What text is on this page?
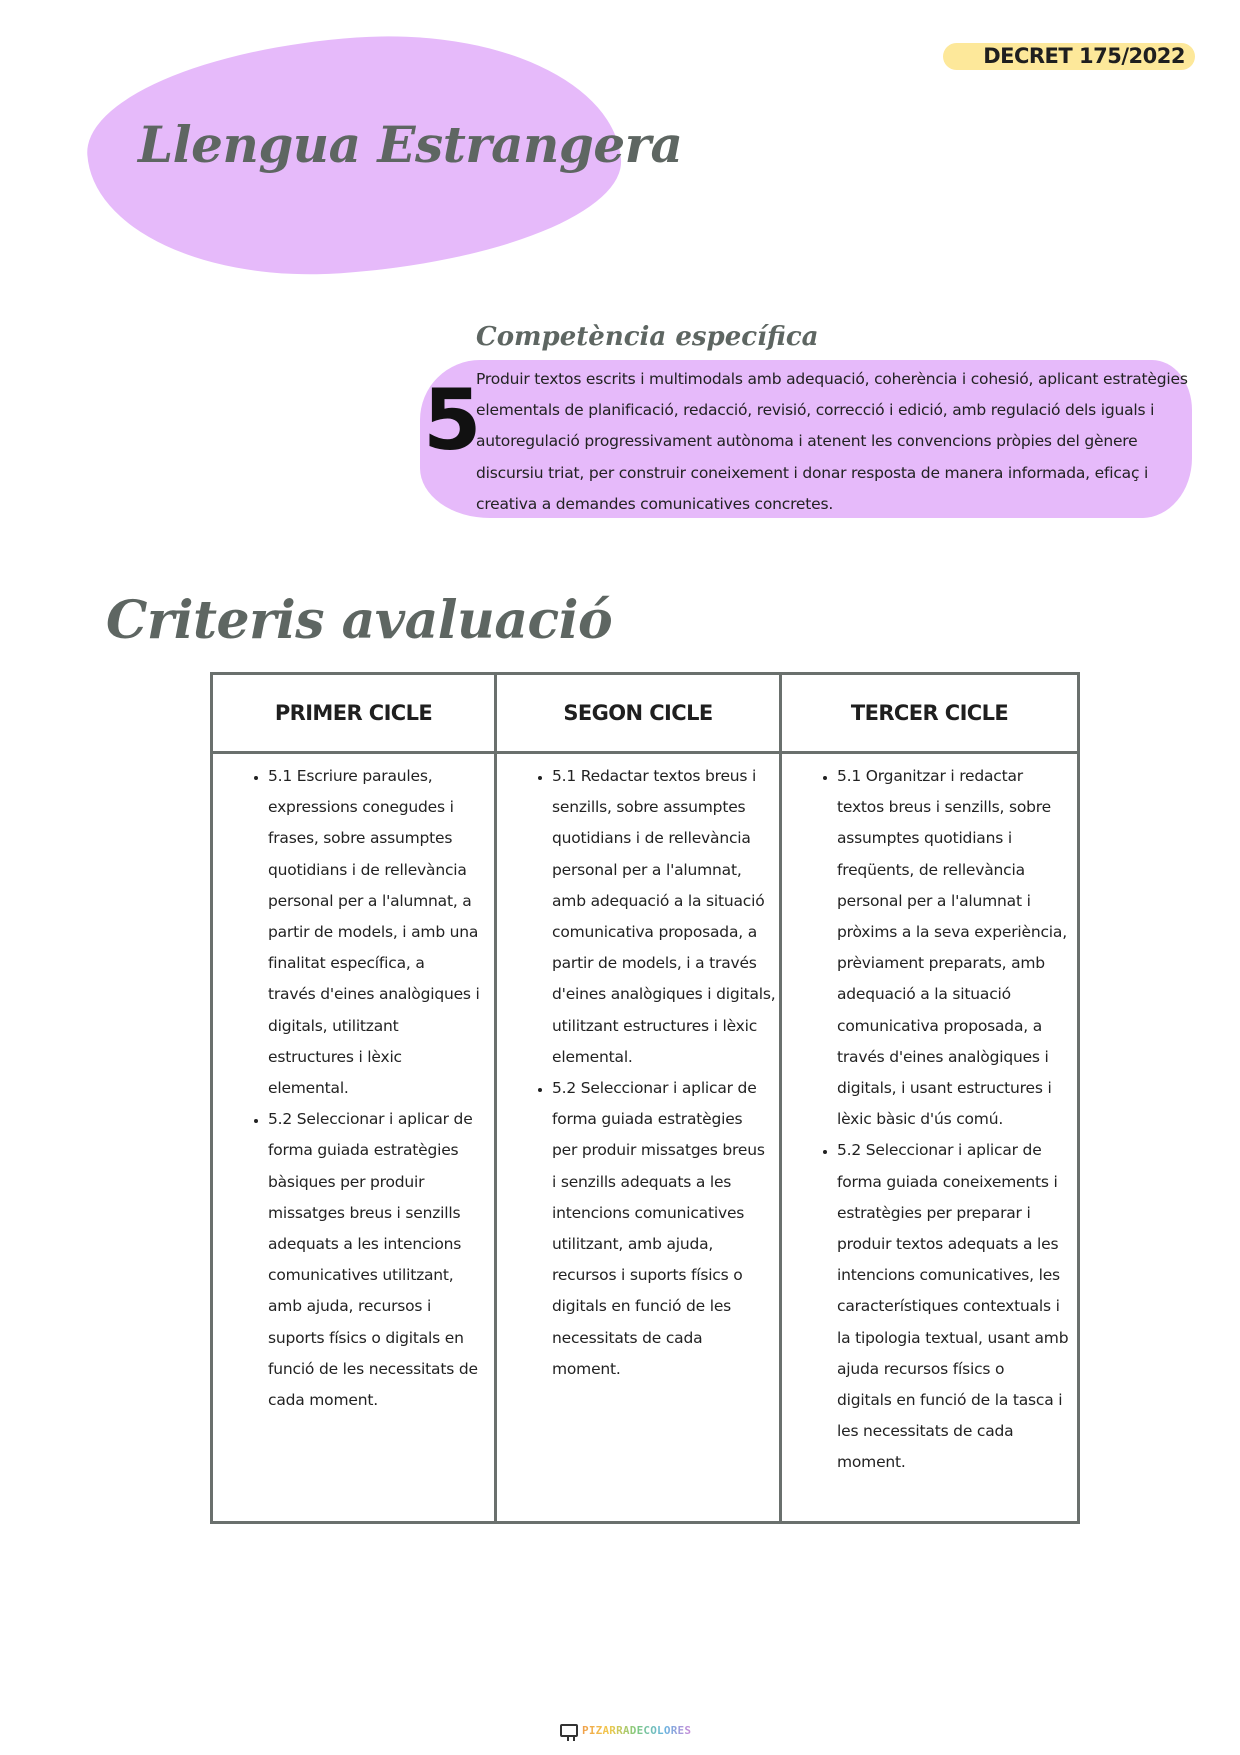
DECRET 175/2022
Llengua Estrangera
Competència específica
5
Produir textos escrits i multimodals amb adequació, coherència i cohesió, aplicant estratègies
elementals de planificació, redacció, revisió, correcció i edició, amb regulació dels iguals i
autoregulació progressivament autònoma i atenent les convencions pròpies del gènere
discursiu triat, per construir coneixement i donar resposta de manera informada, eficaç i
creativa a demandes comunicatives concretes.
Criteris avaluació
PRIMER CICLE	SEGON CICLE	TERCER CICLE
• 5.1 Escriure paraules,
expressions conegudes i
frases, sobre assumptes
quotidians i de rellevància
personal per a l'alumnat, a
partir de models, i amb una
finalitat específica, a
través d'eines analògiques i
digitals, utilitzant
estructures i lèxic
elemental.
• 5.2 Seleccionar i aplicar de
forma guiada estratègies
bàsiques per produir
missatges breus i senzills
adequats a les intencions
comunicatives utilitzant,
amb ajuda, recursos i
suports físics o digitals en
funció de les necessitats de
cada moment.
• 5.1 Redactar textos breus i
senzills, sobre assumptes
quotidians i de rellevància
personal per a l'alumnat,
amb adequació a la situació
comunicativa proposada, a
partir de models, i a través
d'eines analògiques i digitals,
utilitzant estructures i lèxic
elemental.
• 5.2 Seleccionar i aplicar de
forma guiada estratègies
per produir missatges breus
i senzills adequats a les
intencions comunicatives
utilitzant, amb ajuda,
recursos i suports físics o
digitals en funció de les
necessitats de cada
moment.
• 5.1 Organitzar i redactar
textos breus i senzills, sobre
assumptes quotidians i
freqüents, de rellevància
personal per a l'alumnat i
pròxims a la seva experiència,
prèviament preparats, amb
adequació a la situació
comunicativa proposada, a
través d'eines analògiques i
digitals, i usant estructures i
lèxic bàsic d'ús comú.
• 5.2 Seleccionar i aplicar de
forma guiada coneixements i
estratègies per preparar i
produir textos adequats a les
intencions comunicatives, les
característiques contextuals i
la tipologia textual, usant amb
ajuda recursos físics o
digitals en funció de la tasca i
les necessitats de cada
moment.
PIZARRADECOLORES
